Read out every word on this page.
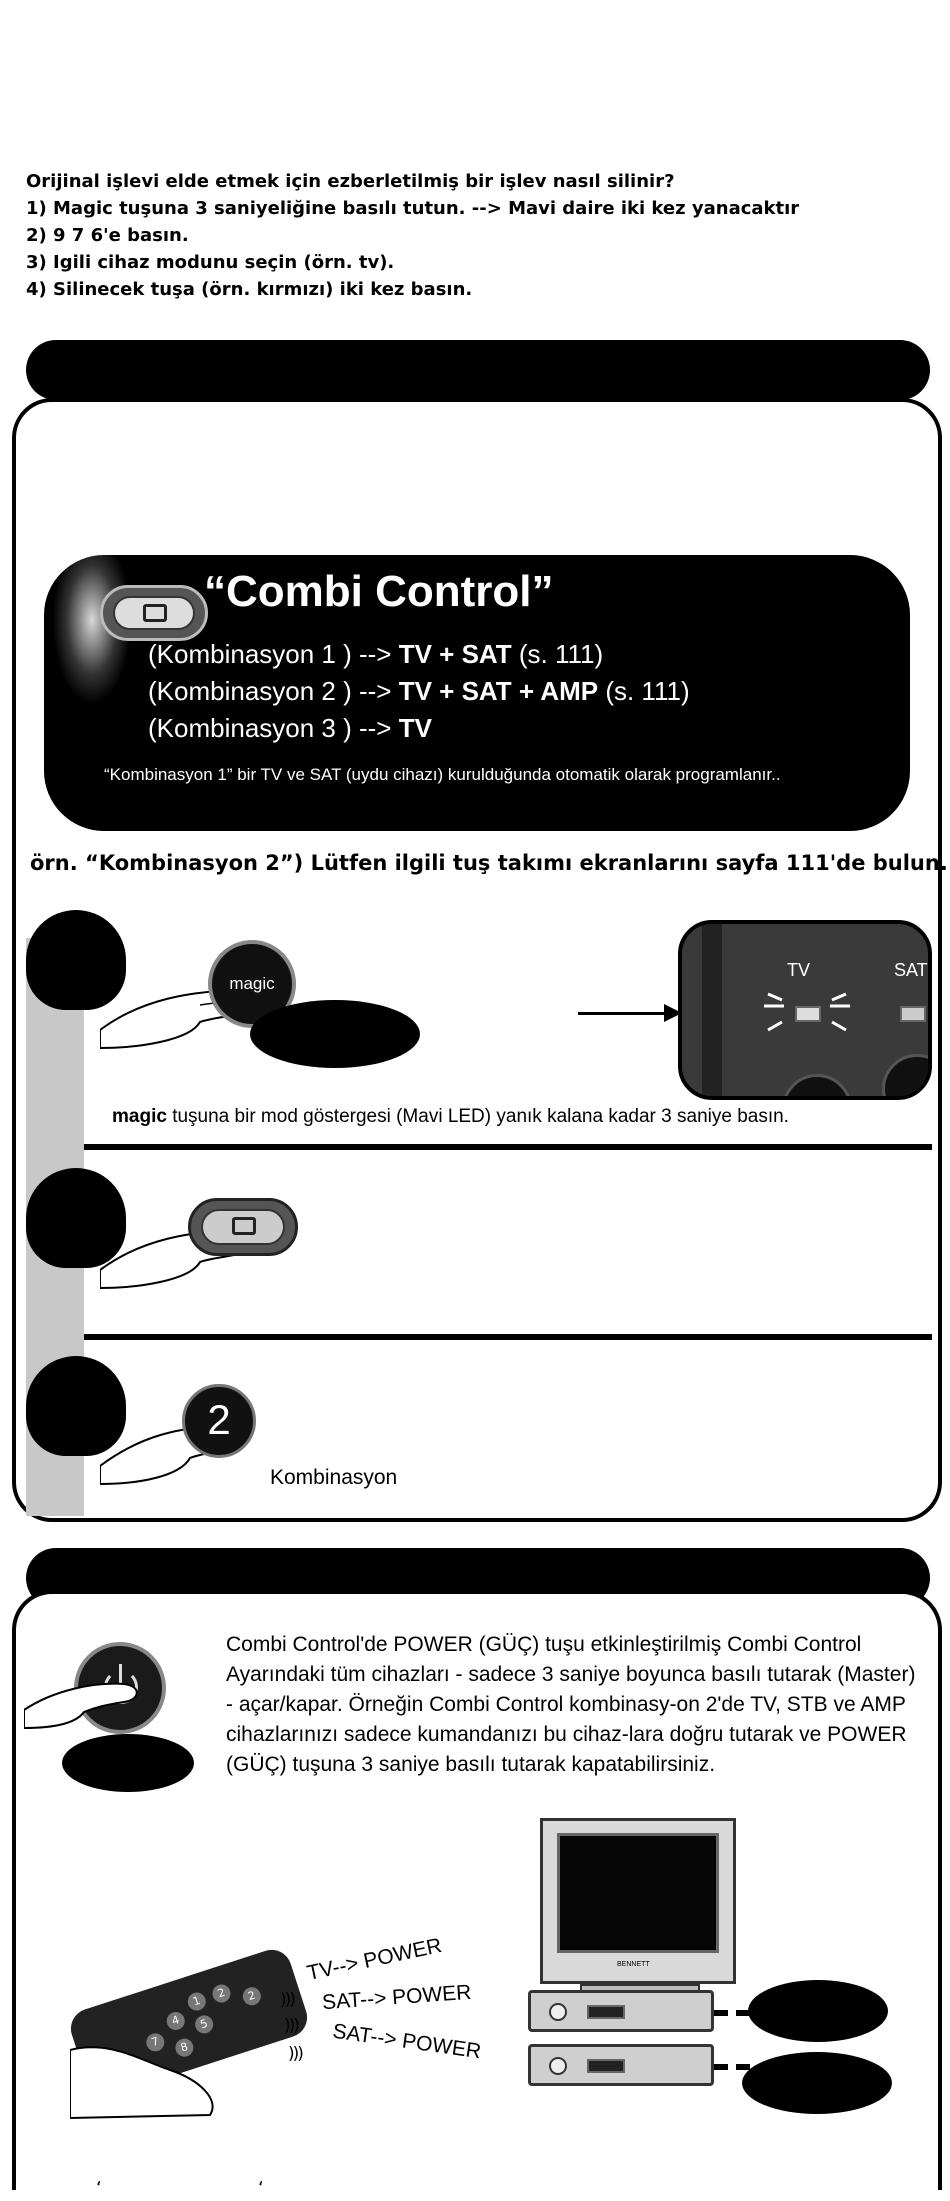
Orijinal işlevi elde etmek için ezberletilmiş bir işlev nasıl silinir?

1) Magic tuşuna 3 saniyeliğine basılı tutun. --> Mavi daire iki kez yanacaktır

2) 9 7 6'e basın.

3) Igili cihaz modunu seçin (örn. tv).

4) Silinecek tuşa (örn. kırmızı) iki kez basın.

“Combi Control”
(Kombinasyon 1 ) --> TV + SAT (s. 111)
(Kombinasyon 2 ) --> TV + SAT + AMP (s. 111)
(Kombinasyon 3 ) --> TV
“Kombinasyon 1” bir TV ve SAT (uydu cihazı) kurulduğunda otomatik olarak programlanır..
örn. “Kombinasyon 2”) Lütfen ilgili tuş takımı ekranlarını sayfa 111'de bulun.
magic
TV	SAT
magic tuşuna bir mod göstergesi (Mavi LED) yanık kalana kadar 3 saniye basın.
2
Kombinasyon
Combi Control'de POWER (GÜÇ) tuşu etkinleştirilmiş Combi Control Ayarındaki tüm cihazları - sadece 3 saniye boyunca basılı tutarak (Master) - açar/kapar. Örneğin Combi Control kombinasy-on 2'de TV, STB ve AMP cihazlarınızı sadece kumandanızı bu cihaz-lara doğru tutarak ve POWER (GÜÇ) tuşuna 3 saniye basılı tutarak kapatabilirsiniz.
BENNETT
1
2
4	5
7	8
2	)))
)))
)))
TV--> POWER
SAT--> POWER
SAT--> POWER
‘	‘
